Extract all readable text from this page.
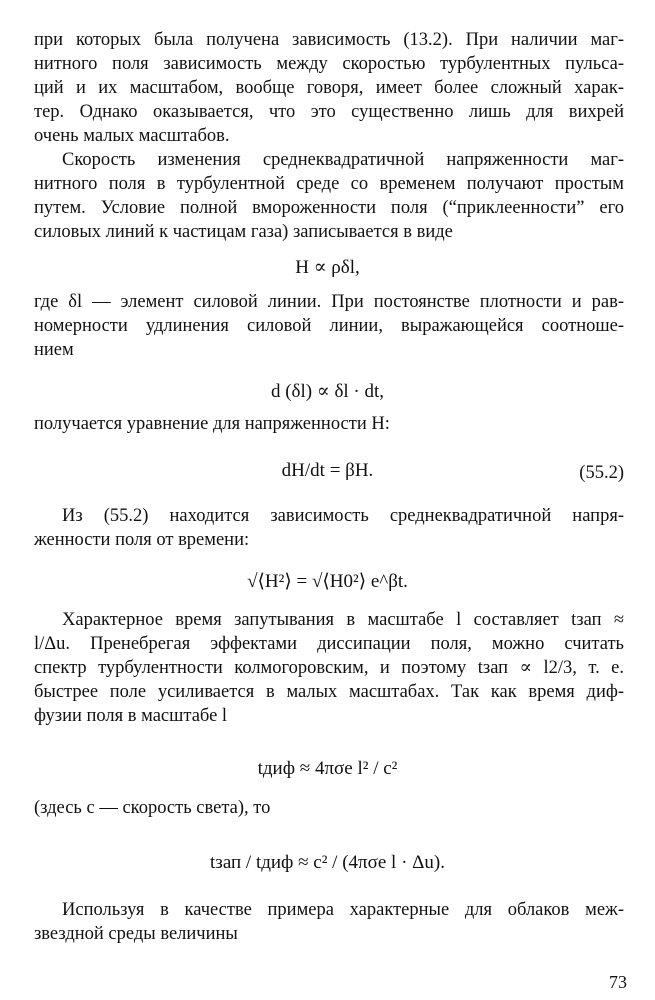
при которых была получена зависимость (13.2). При наличии маг-
нитного поля зависимость между скоростью турбулентных пульса-
ций и их масштабом, вообще говоря, имеет более сложный харак-
тер. Однако оказывается, что это существенно лишь для вихрей
очень малых масштабов.
Скорость изменения среднеквадратичной напряженности маг-
нитного поля в турбулентной среде со временем получают простым
путем. Условие полной вмороженности поля (“приклеенности” его
силовых линий к частицам газа) записывается в виде
H ∝ ρδl,
где δl — элемент силовой линии. При постоянстве плотности и рав-
номерности удлинения силовой линии, выражающейся соотноше-
нием
d (δl) ∝ δl · dt,
получается уравнение для напряженности H:
dH/dt = βH.	(55.2)
Из (55.2) находится зависимость среднеквадратичной напря-
женности поля от времени:
√⟨H²⟩ = √⟨H0²⟩ e^βt.
Характерное время запутывания в масштабе l составляет tзап ≈
l/Δu. Пренебрегая эффектами диссипации поля, можно считать
спектр турбулентности колмогоровским, и поэтому tзап ∝ l2/3, т. е.
быстрее поле усиливается в малых масштабах. Так как время диф-
фузии поля в масштабе l
tдиф ≈ 4πσe l² / c²
(здесь c — скорость света), то
tзап / tдиф ≈ c² / (4πσe l · Δu).
Используя в качестве примера характерные для облаков меж-
звездной среды величины
73
